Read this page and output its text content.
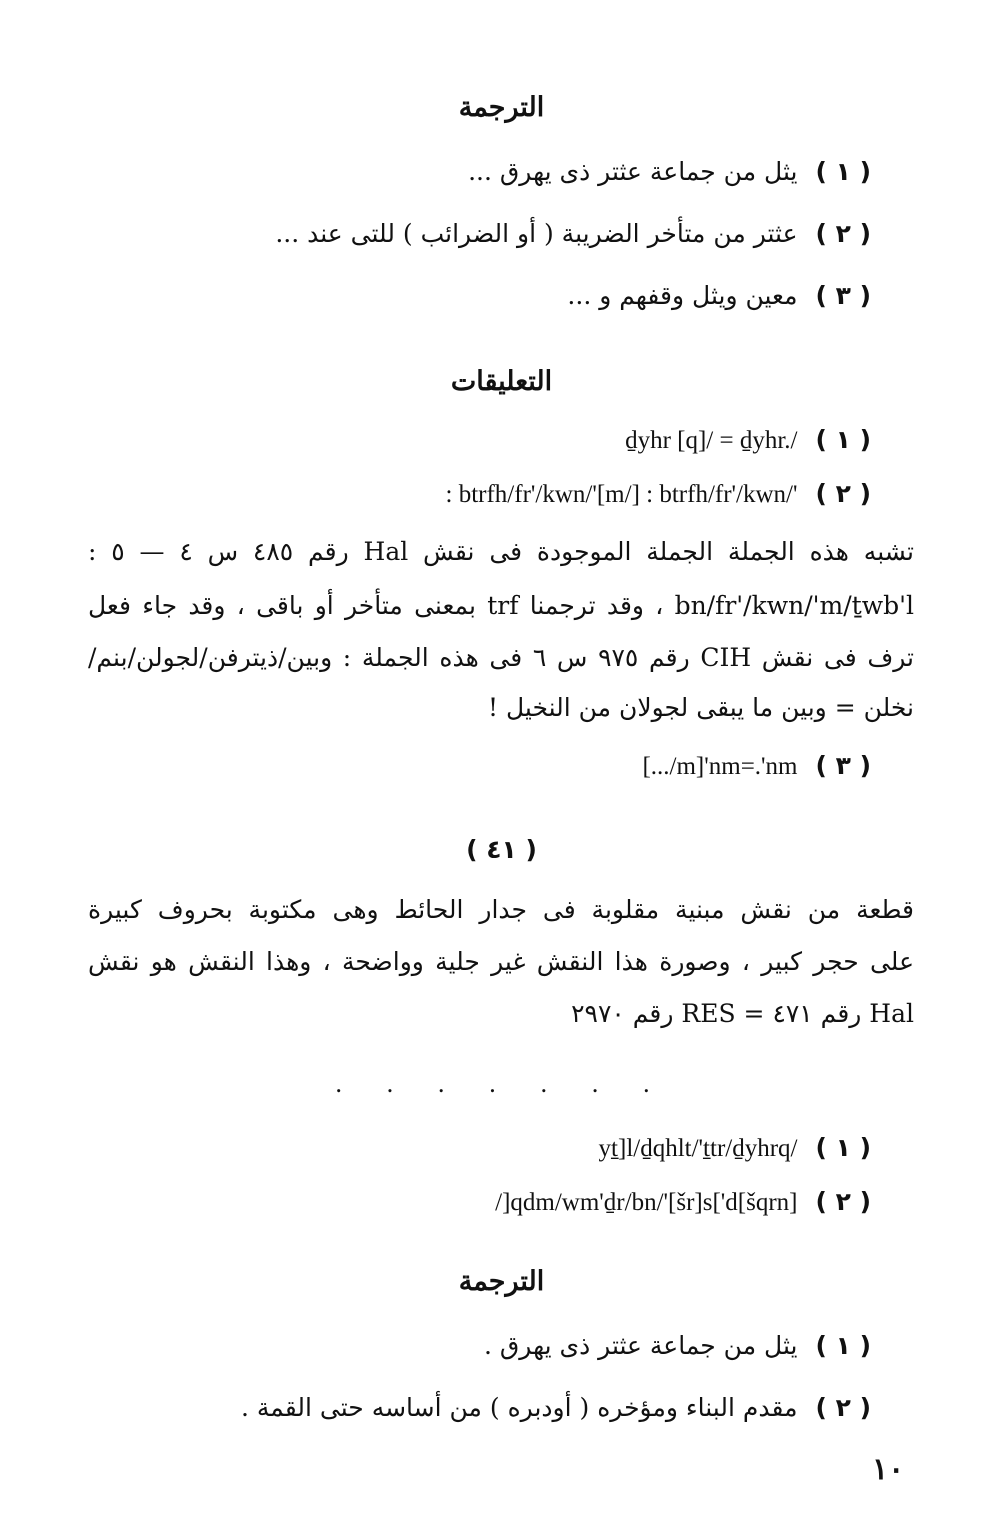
الترجمة
( ١ ) يثل من جماعة عثتر ذى يهرق ...
( ٢ ) عثتر من متأخر الضريبة ( أو الضرائب ) للتى عند ...
( ٣ ) معين ويثل وقفهم و ...
التعليقات
( ١ ) ḏyhr [q]/ = ḏyhr./
( ٢ ) : btrfh/fr'/kwn/'[m/] : btrfh/fr'/kwn/'
تشبه هذه الجملة الجملة الموجودة فى نقش Hal رقم ٤٨٥ س ٤ — ٥ :
bn/fr'/kwn/'m/ṯwb'l ، وقد ترجمنا trf بمعنى متأخر أو باقى ، وقد جاء فعل
ترف فى نقش CIH رقم ٩٧٥ س ٦ فى هذه الجملة : وبين/ذيترفن/لجولن/بنم/
نخلن = وبين ما يبقى لجولان من النخيل !
( ٣ ) [.../m]'nm=.'nm
( ٤١ )
قطعة من نقش مبنية مقلوبة فى جدار الحائط وهى مكتوبة بحروف كبيرة
على حجر كبير ، وصورة هذا النقش غير جلية وواضحة ، وهذا النقش هو نقش
Hal رقم ٤٧١ = RES رقم ٢٩٧٠
. . . . . . .
( ١ ) yṯ]l/ḏqhlt/'ṯtr/ḏyhrq/
( ٢ ) /]qdm/wm'ḏr/bn/'[šr]s['d[šqrn]
الترجمة
( ١ ) يثل من جماعة عثتر ذى يهرق .
( ٢ ) مقدم البناء ومؤخره ( أودبره ) من أساسه حتى القمة .
١٠
